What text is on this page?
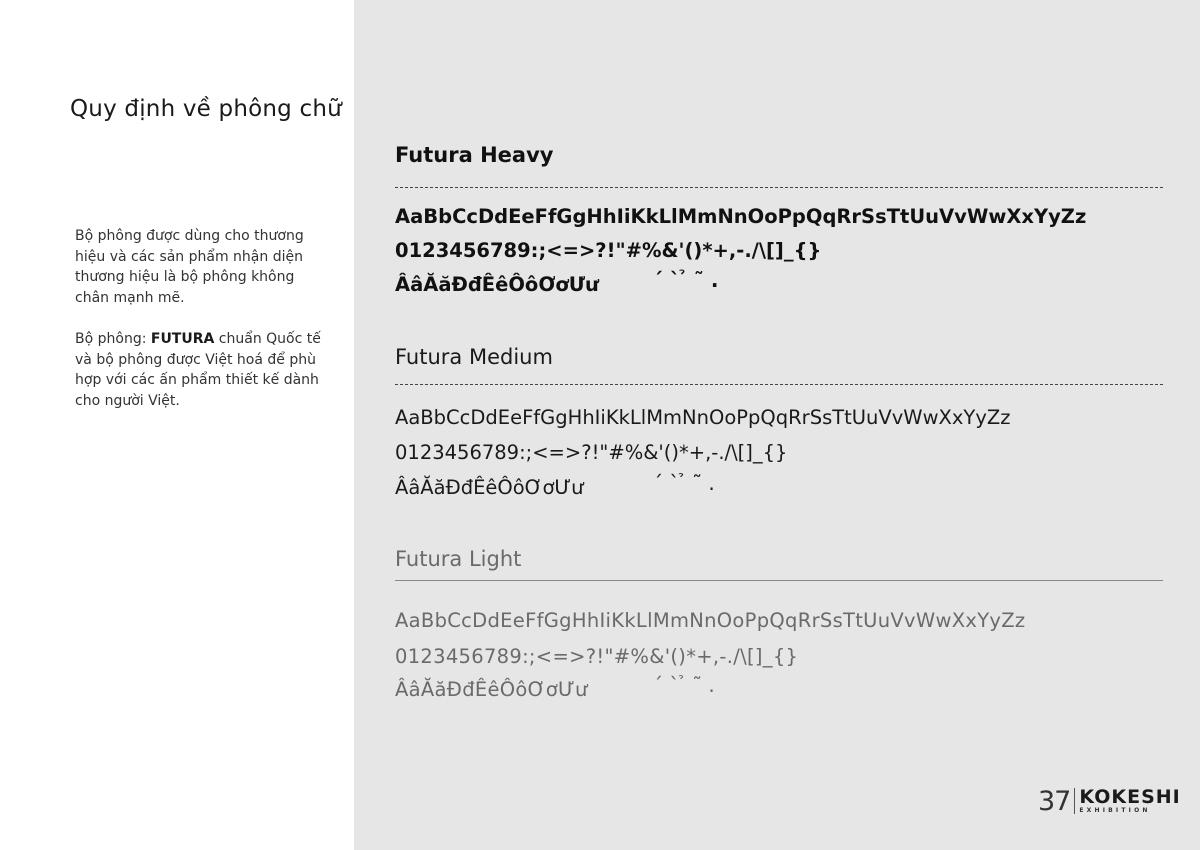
Quy định về phông chữ
Bộ phông được dùng cho thương hiệu và các sản phẩm nhận diện thương hiệu là bộ phông không chân mạnh mẽ.
Bộ phông: FUTURA chuẩn Quốc tế và bộ phông được Việt hoá để phù hợp với các ấn phẩm thiết kế dành cho người Việt.
Futura Heavy
AaBbCcDdEeFfGgHhIiKkLlMmNnOoPpQqRrSsTtUuVvWwXxYyZz
0123456789:;<=>?!"#%&'()*+,-./\[]_{}
ÂâĂăĐđÊêÔôƠơƯư	´ ` ̉ ˜ .
Futura Medium
AaBbCcDdEeFfGgHhIiKkLlMmNnOoPpQqRrSsTtUuVvWwXxYyZz
0123456789:;<=>?!"#%&'()*+,-./\[]_{}
ÂâĂăĐđÊêÔôƠơƯư	´ ` ̉ ˜ .
Futura Light
AaBbCcDdEeFfGgHhIiKkLlMmNnOoPpQqRrSsTtUuVvWwXxYyZz
0123456789:;<=>?!"#%&'()*+,-./\[]_{}
ÂâĂăĐđÊêÔôƠơƯư	´ ` ̉ ˜ .
37 KOKESHI
EXHIBITION
